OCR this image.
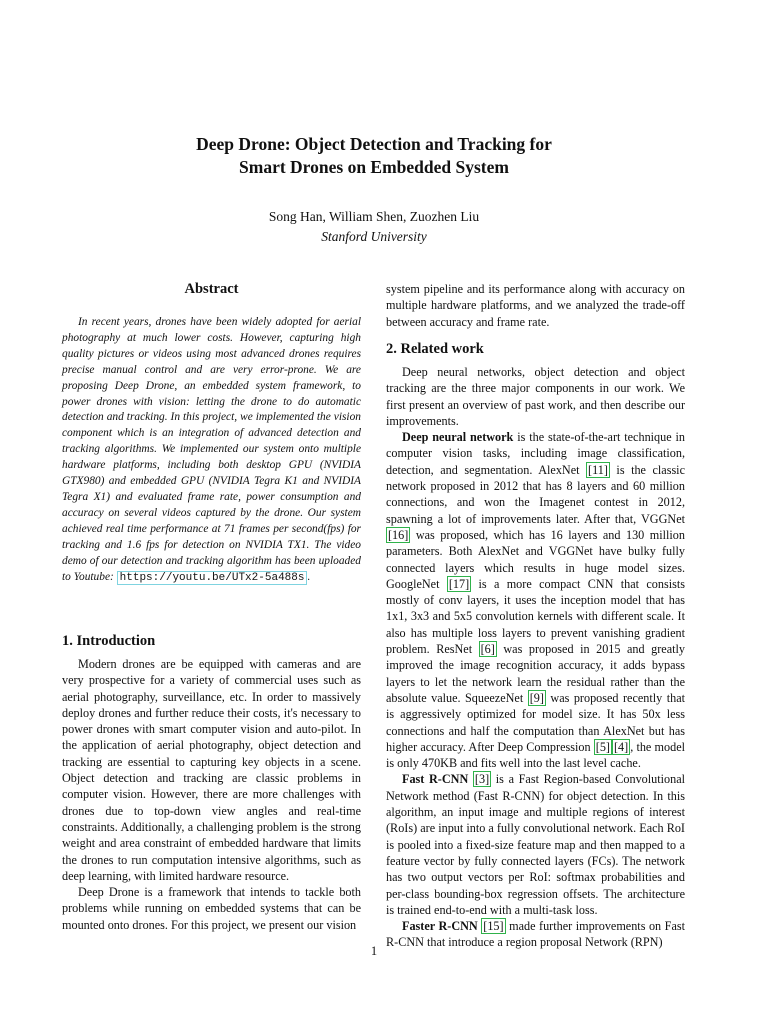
Deep Drone: Object Detection and Tracking for
Smart Drones on Embedded System
Song Han, William Shen, Zuozhen Liu
Stanford University
Abstract

In recent years, drones have been widely adopted for aerial photography at much lower costs. However, capturing high quality pictures or videos using most advanced drones requires precise manual control and are very error-prone. We are proposing Deep Drone, an embedded system framework, to power drones with vision: letting the drone to do automatic detection and tracking. In this project, we implemented the vision component which is an integration of advanced detection and tracking algorithms. We implemented our system onto multiple hardware platforms, including both desktop GPU (NVIDIA GTX980) and embedded GPU (NVIDIA Tegra K1 and NVIDIA Tegra X1) and evaluated frame rate, power consumption and accuracy on several videos captured by the drone. Our system achieved real time performance at 71 frames per second(fps) for tracking and 1.6 fps for detection on NVIDIA TX1. The video demo of our detection and tracking algorithm has been uploaded to Youtube: https://youtu.be/UTx2-5a488s .

1. Introduction

Modern drones are be equipped with cameras and are very prospective for a variety of commercial uses such as aerial photography, surveillance, etc. In order to massively deploy drones and further reduce their costs, it's necessary to power drones with smart computer vision and auto-pilot. In the application of aerial photography, object detection and tracking are essential to capturing key objects in a scene. Object detection and tracking are classic problems in computer vision. However, there are more challenges with drones due to top-down view angles and real-time constraints. Additionally, a challenging problem is the strong weight and area constraint of embedded hardware that limits the drones to run computation intensive algorithms, such as deep learning, with limited hardware resource.

Deep Drone is a framework that intends to tackle both problems while running on embedded systems that can be mounted onto drones. For this project, we present our vision

system pipeline and its performance along with accuracy on multiple hardware platforms, and we analyzed the trade-off between accuracy and frame rate.

2. Related work

Deep neural networks, object detection and object tracking are the three major components in our work. We first present an overview of past work, and then describe our improvements.

Deep neural network is the state-of-the-art technique in computer vision tasks, including image classification, detection, and segmentation. AlexNet [11] is the classic network proposed in 2012 that has 8 layers and 60 million connections, and won the Imagenet contest in 2012, spawning a lot of improvements later. After that, VGGNet [16] was proposed, which has 16 layers and 130 million parameters. Both AlexNet and VGGNet have bulky fully connected layers which results in huge model sizes. GoogleNet [17] is a more compact CNN that consists mostly of conv layers, it uses the inception model that has 1x1, 3x3 and 5x5 convolution kernels with different scale. It also has multiple loss layers to prevent vanishing gradient problem. ResNet [6] was proposed in 2015 and greatly improved the image recognition accuracy, it adds bypass layers to let the network learn the residual rather than the absolute value. SqueezeNet [9] was proposed recently that is aggressively optimized for model size. It has 50x less connections and half the computation than AlexNet but has higher accuracy. After Deep Compression [5] [4] , the model is only 470KB and fits well into the last level cache.

Fast R-CNN [3] is a Fast Region-based Convolutional Network method (Fast R-CNN) for object detection. In this algorithm, an input image and multiple regions of interest (RoIs) are input into a fully convolutional network. Each RoI is pooled into a fixed-size feature map and then mapped to a feature vector by fully connected layers (FCs). The network has two output vectors per RoI: softmax probabilities and per-class bounding-box regression offsets. The architecture is trained end-to-end with a multi-task loss.

Faster R-CNN [15] made further improvements on Fast R-CNN that introduce a region proposal Network (RPN)

1
